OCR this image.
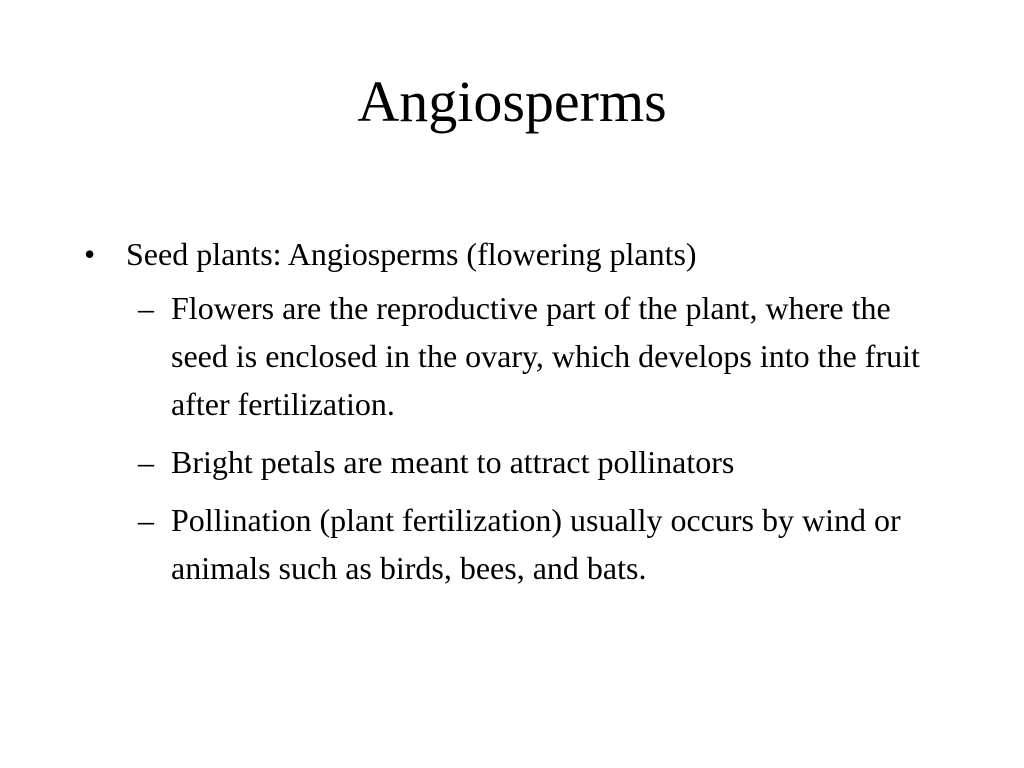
Angiosperms
• Seed plants: Angiosperms (flowering plants)
– Flowers are the reproductive part of the plant, where the seed is enclosed in the ovary, which develops into the fruit after fertilization.
– Bright petals are meant to attract pollinators
– Pollination (plant fertilization) usually occurs by wind or animals such as birds, bees, and bats.
